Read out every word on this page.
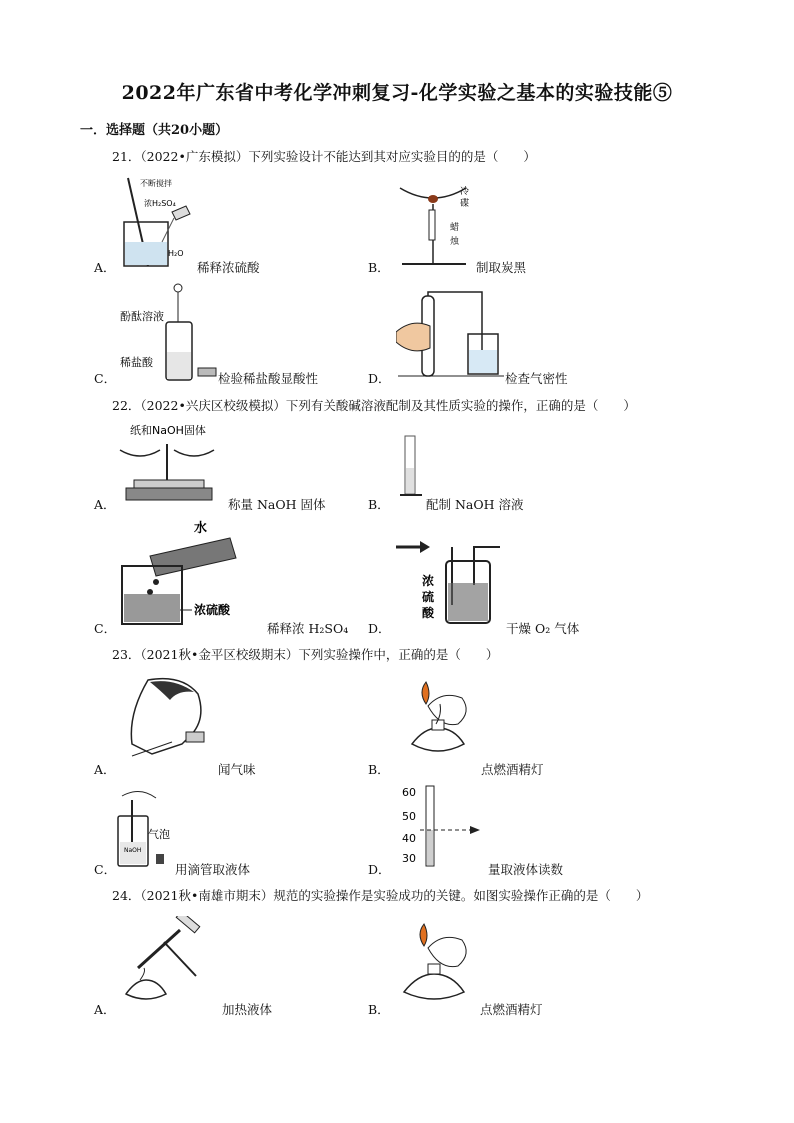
2022年广东省中考化学冲刺复习-化学实验之基本的实验技能⑤
一．选择题（共20小题）
21．（2022•广东模拟）下列实验设计不能达到其对应实验目的的是（　　）
A．
不断搅拌
浓H₂SO₄
H₂O
稀释浓硫酸	B．
冷
碟
蜡
烛
制取炭黑
C．
酚酞溶液
稀盐酸
检验稀盐酸显酸性	D．	检查气密性
22．（2022•兴庆区校级模拟）下列有关酸碱溶液配制及其性质实验的操作，正确的是（　　）
A．
纸和NaOH固体
称量 NaOH 固体	B．	配制 NaOH 溶液
C．
水
浓硫酸
稀释浓 H₂SO₄ D．
浓
硫
酸
干燥 O₂ 气体
23．（2021秋•金平区校级期末）下列实验操作中，正确的是（　　）
A．	闻气味	B．	点燃酒精灯
C．
NaOH
气泡
用滴管取液体	D．
60
50
40
30
量取液体读数
24．（2021秋•南雄市期末）规范的实验操作是实验成功的关键。如图实验操作正确的是（　　）
A．	加热液体	B．	点燃酒精灯
